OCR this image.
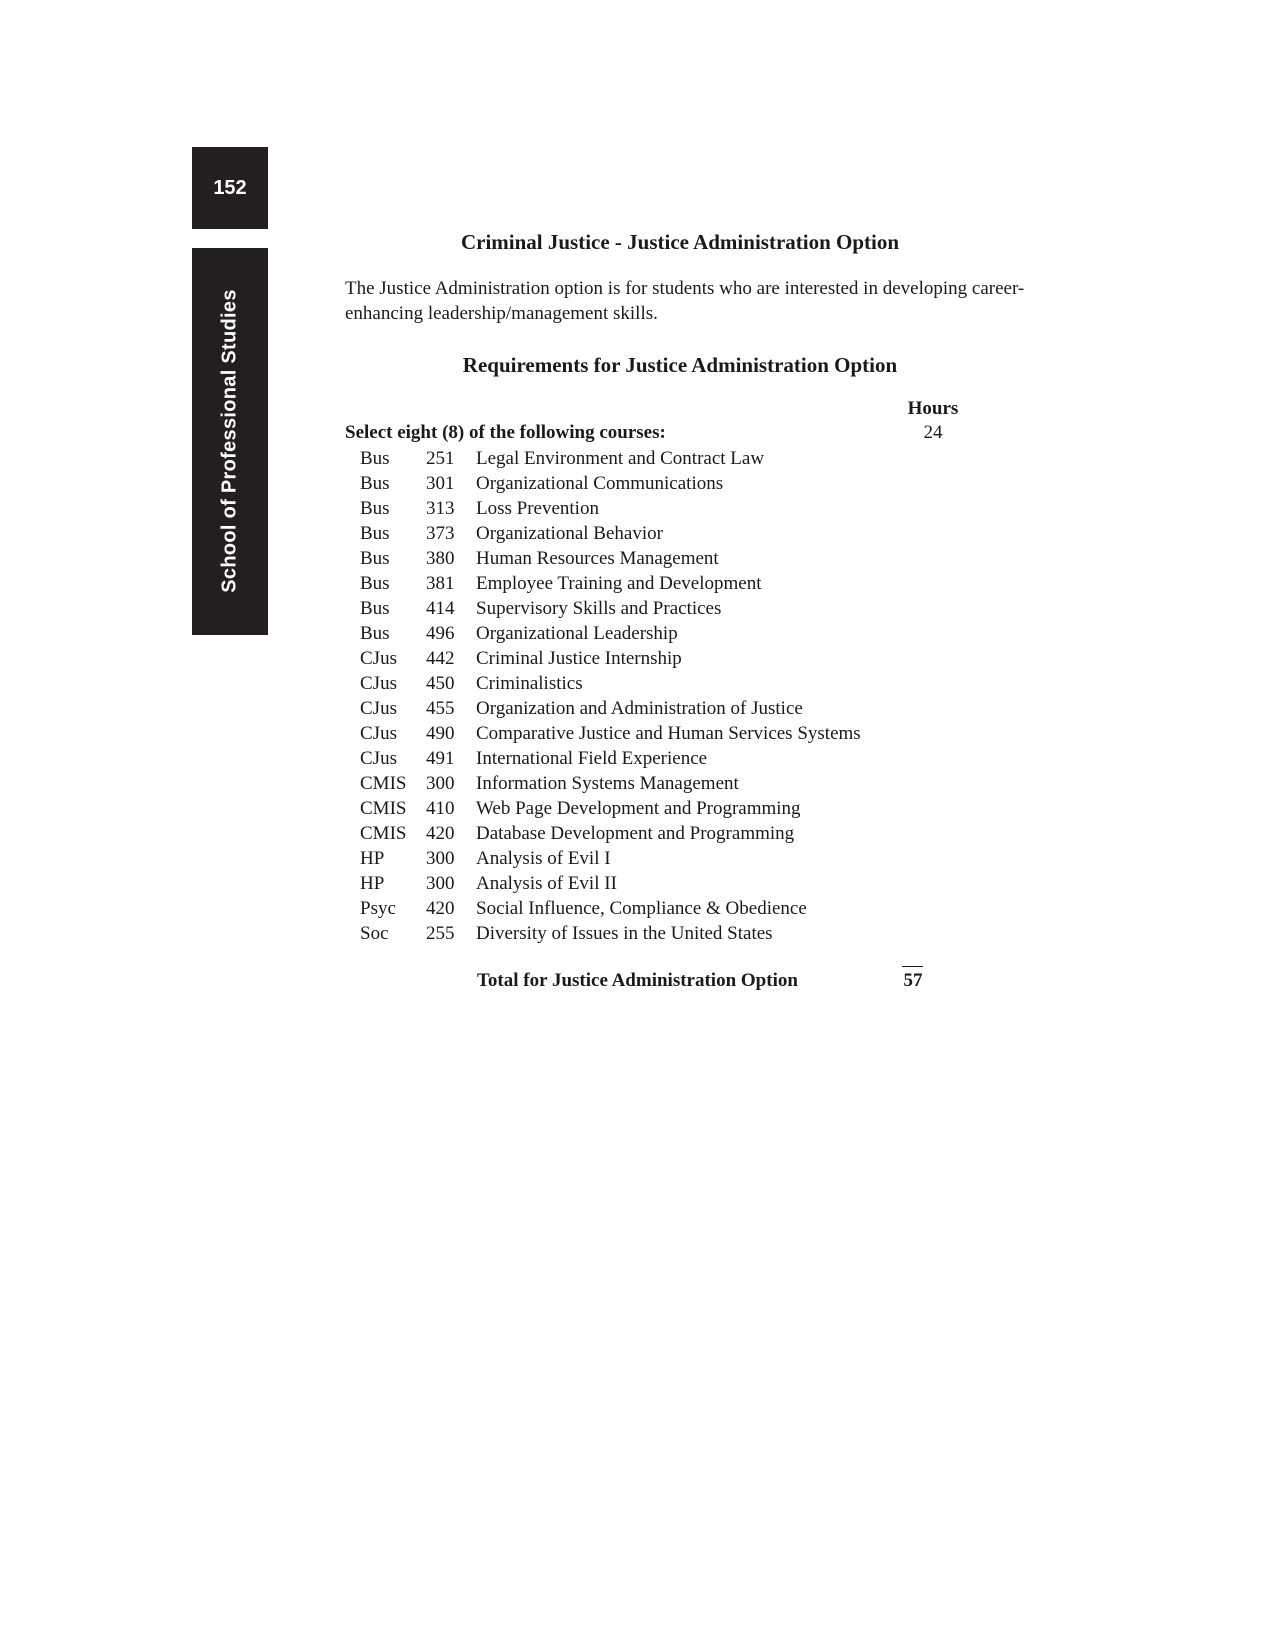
152
School of Professional Studies
Criminal Justice - Justice Administration Option
The Justice Administration option is for students who are interested in developing career-enhancing leadership/management skills.
Requirements for Justice Administration Option
Hours
Select eight (8) of the following courses:	24
Bus 251 Legal Environment and Contract Law
Bus 301 Organizational Communications
Bus 313 Loss Prevention
Bus 373 Organizational Behavior
Bus 380 Human Resources Management
Bus 381 Employee Training and Development
Bus 414 Supervisory Skills and Practices
Bus 496 Organizational Leadership
CJus 442 Criminal Justice Internship
CJus 450 Criminalistics
CJus 455 Organization and Administration of Justice
CJus 490 Comparative Justice and Human Services Systems
CJus 491 International Field Experience
CMIS 300 Information Systems Management
CMIS 410 Web Page Development and Programming
CMIS 420 Database Development and Programming
HP 300 Analysis of Evil I
HP 300 Analysis of Evil II
Psyc 420 Social Influence, Compliance & Obedience
Soc 255 Diversity of Issues in the United States
Total for Justice Administration Option	57
